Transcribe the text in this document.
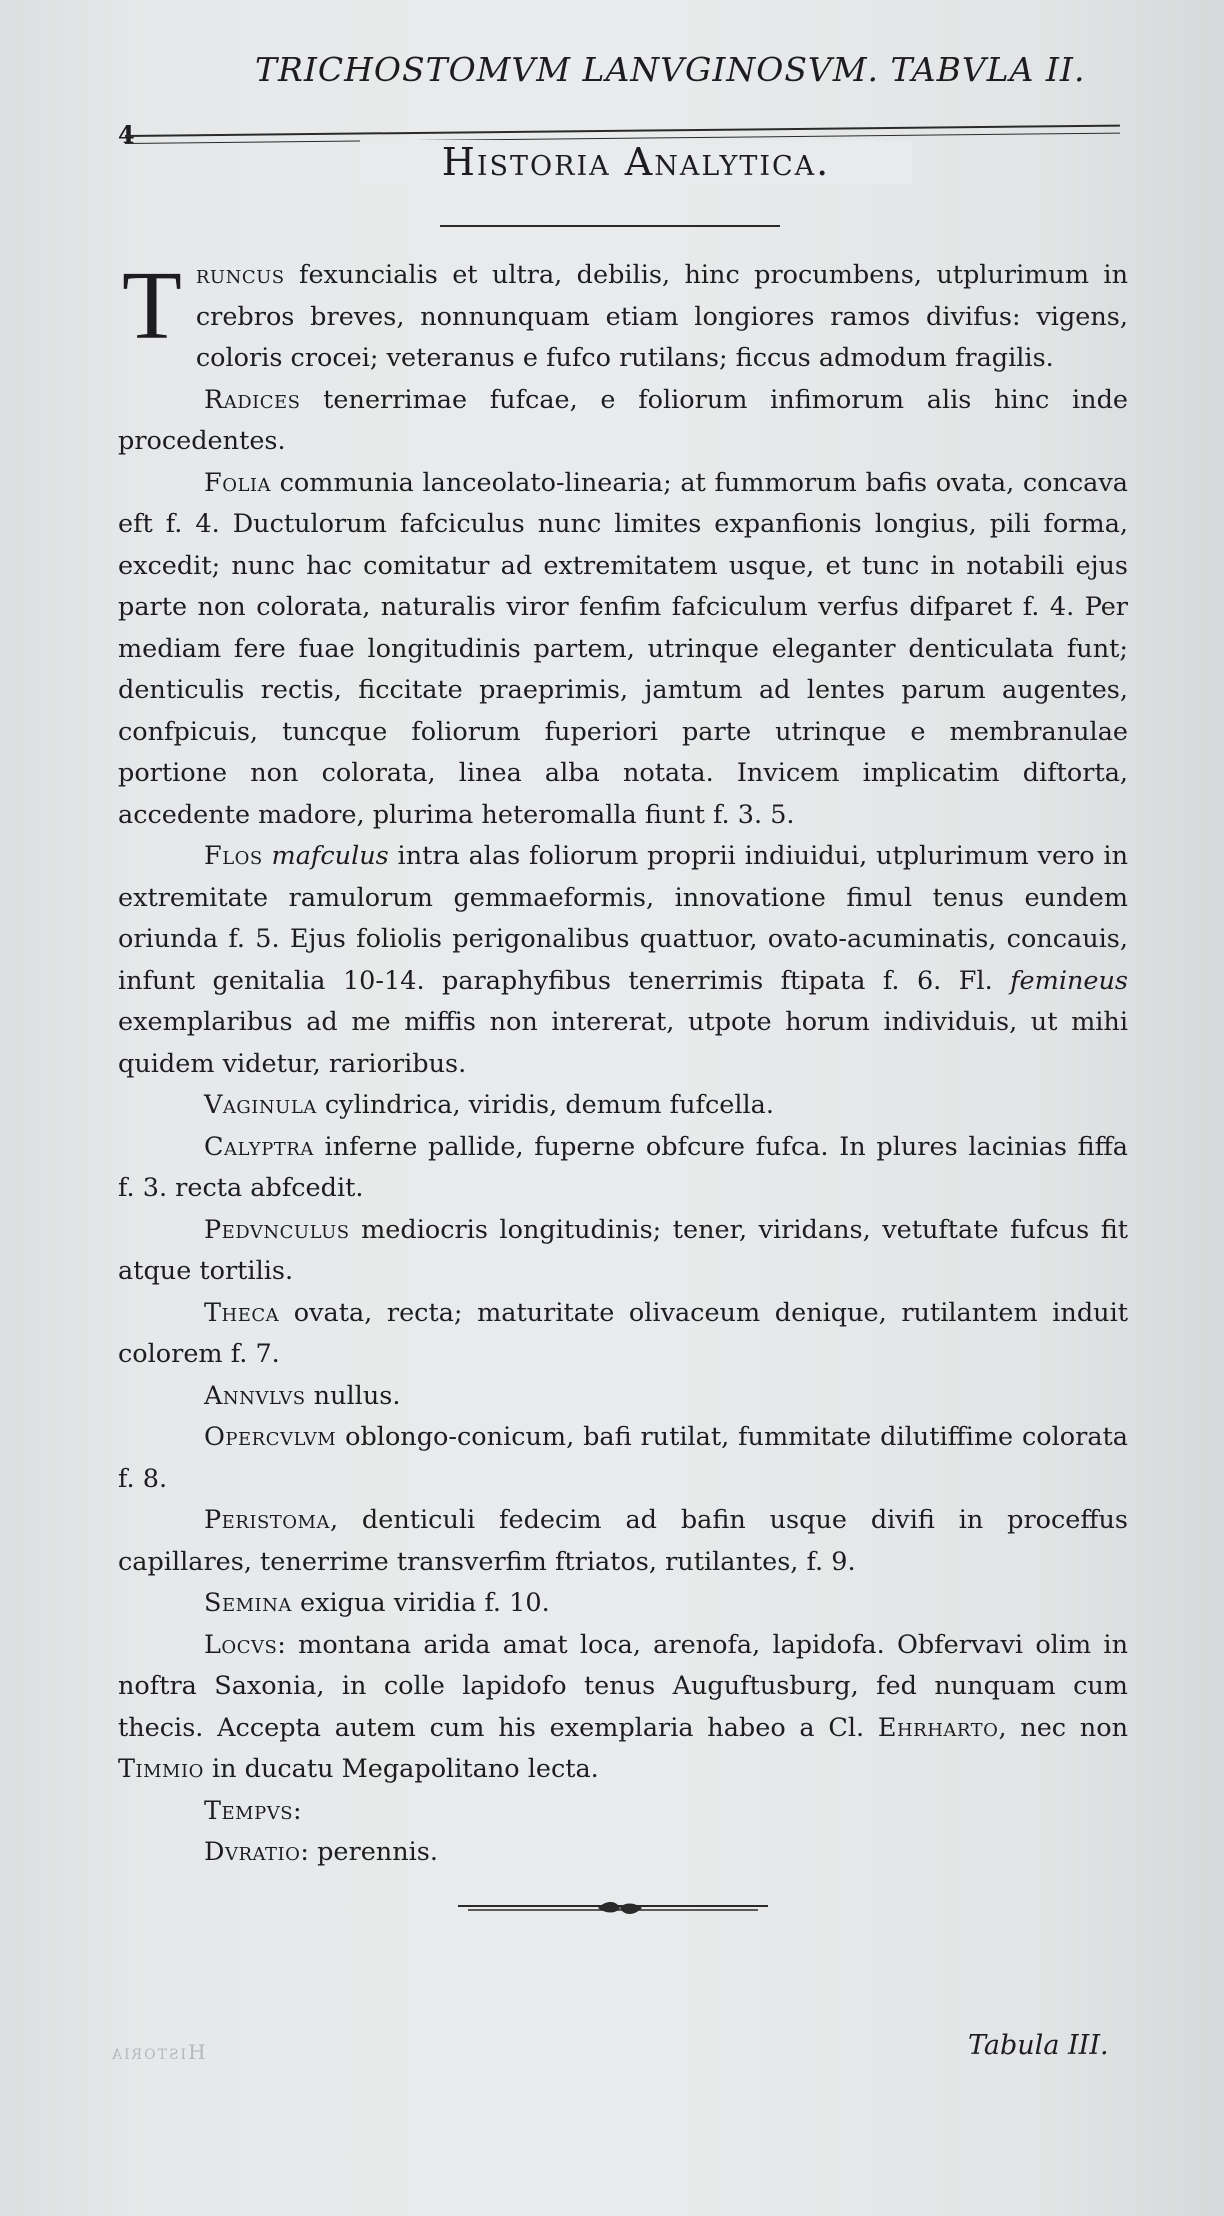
4
TRICHOSTOMVM LANVGINOSVM. TABVLA II.
Historia Analytica.

Truncus fexuncialis et ultra, debilis, hinc procumbens, utplurimum in crebros breves, nonnunquam etiam longiores ramos divifus: vigens, coloris crocei; veteranus e fufco rutilans; ficcus admodum fragilis.

Radices tenerrimae fufcae, e foliorum infimorum alis hinc inde procedentes.

Folia communia lanceolato-linearia; at fummorum bafis ovata, concava eft f. 4. Ductulorum fafciculus nunc limites expanfionis longius, pili forma, excedit; nunc hac comitatur ad extremitatem usque, et tunc in notabili ejus parte non colorata, naturalis viror fenfim fafciculum verfus difparet f. 4. Per mediam fere fuae longitudinis partem, utrinque eleganter denticulata funt; denticulis rectis, ficcitate praeprimis, jamtum ad lentes parum augentes, confpicuis, tuncque foliorum fuperiori parte utrinque e membranulae portione non colorata, linea alba notata. Invicem implicatim diftorta, accedente madore, plurima heteromalla fiunt f. 3. 5.

Flos mafculus intra alas foliorum proprii indiuidui, utplurimum vero in extremitate ramulorum gemmaeformis, innovatione fimul tenus eundem oriunda f. 5. Ejus foliolis perigonalibus quattuor, ovato-acuminatis, concauis, infunt genitalia 10-14. paraphyfibus tenerrimis ftipata f. 6. Fl. femineus exemplaribus ad me miffis non intererat, utpote horum individuis, ut mihi quidem videtur, rarioribus.

Vaginula cylindrica, viridis, demum fufcella.

Calyptra inferne pallide, fuperne obfcure fufca. In plures lacinias fiffa f. 3. recta abfcedit.

Pedvnculus mediocris longitudinis; tener, viridans, vetuftate fufcus fit atque tortilis.

Theca ovata, recta; maturitate olivaceum denique, rutilantem induit colorem f. 7.

Annvlvs nullus.

Opercvlvm oblongo-conicum, bafi rutilat, fummitate dilutiffime colorata f. 8.

Peristoma, denticuli fedecim ad bafin usque divifi in proceffus capillares, tenerrime transverfim ftriatos, rutilantes, f. 9.

Semina exigua viridia f. 10.

Locvs: montana arida amat loca, arenofa, lapidofa. Obfervavi olim in noftra Saxonia, in colle lapidofo tenus Auguftusburg, fed nunquam cum thecis. Accepta autem cum his exemplaria habeo a Cl. Ehrharto, nec non Timmio in ducatu Megapolitano lecta.

Tempvs:

Dvratio: perennis.

Historia	Tabula III.
